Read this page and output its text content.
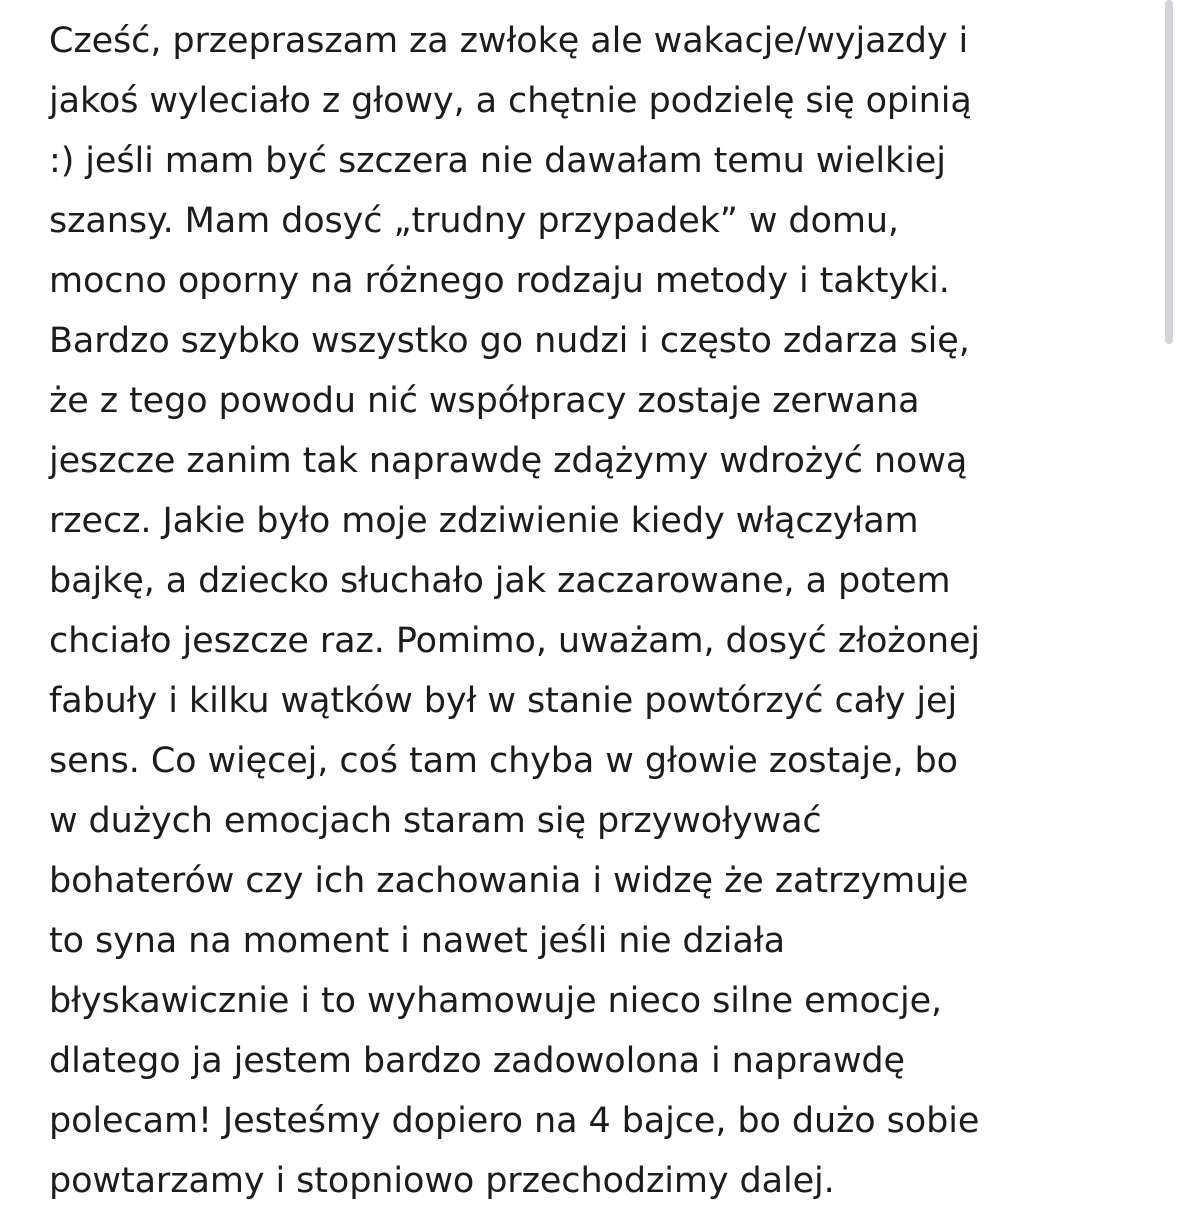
Cześć, przepraszam za zwłokę ale wakacje/wyjazdy i
jakoś wyleciało z głowy, a chętnie podzielę się opinią
:) jeśli mam być szczera nie dawałam temu wielkiej
szansy. Mam dosyć „trudny przypadek” w domu,
mocno oporny na różnego rodzaju metody i taktyki.
Bardzo szybko wszystko go nudzi i często zdarza się,
że z tego powodu nić współpracy zostaje zerwana
jeszcze zanim tak naprawdę zdążymy wdrożyć nową
rzecz. Jakie było moje zdziwienie kiedy włączyłam
bajkę, a dziecko słuchało jak zaczarowane, a potem
chciało jeszcze raz. Pomimo, uważam, dosyć złożonej
fabuły i kilku wątków był w stanie powtórzyć cały jej
sens. Co więcej, coś tam chyba w głowie zostaje, bo
w dużych emocjach staram się przywoływać
bohaterów czy ich zachowania i widzę że zatrzymuje
to syna na moment i nawet jeśli nie działa
błyskawicznie i to wyhamowuje nieco silne emocje,
dlatego ja jestem bardzo zadowolona i naprawdę
polecam! Jesteśmy dopiero na 4 bajce, bo dużo sobie
powtarzamy i stopniowo przechodzimy dalej.
